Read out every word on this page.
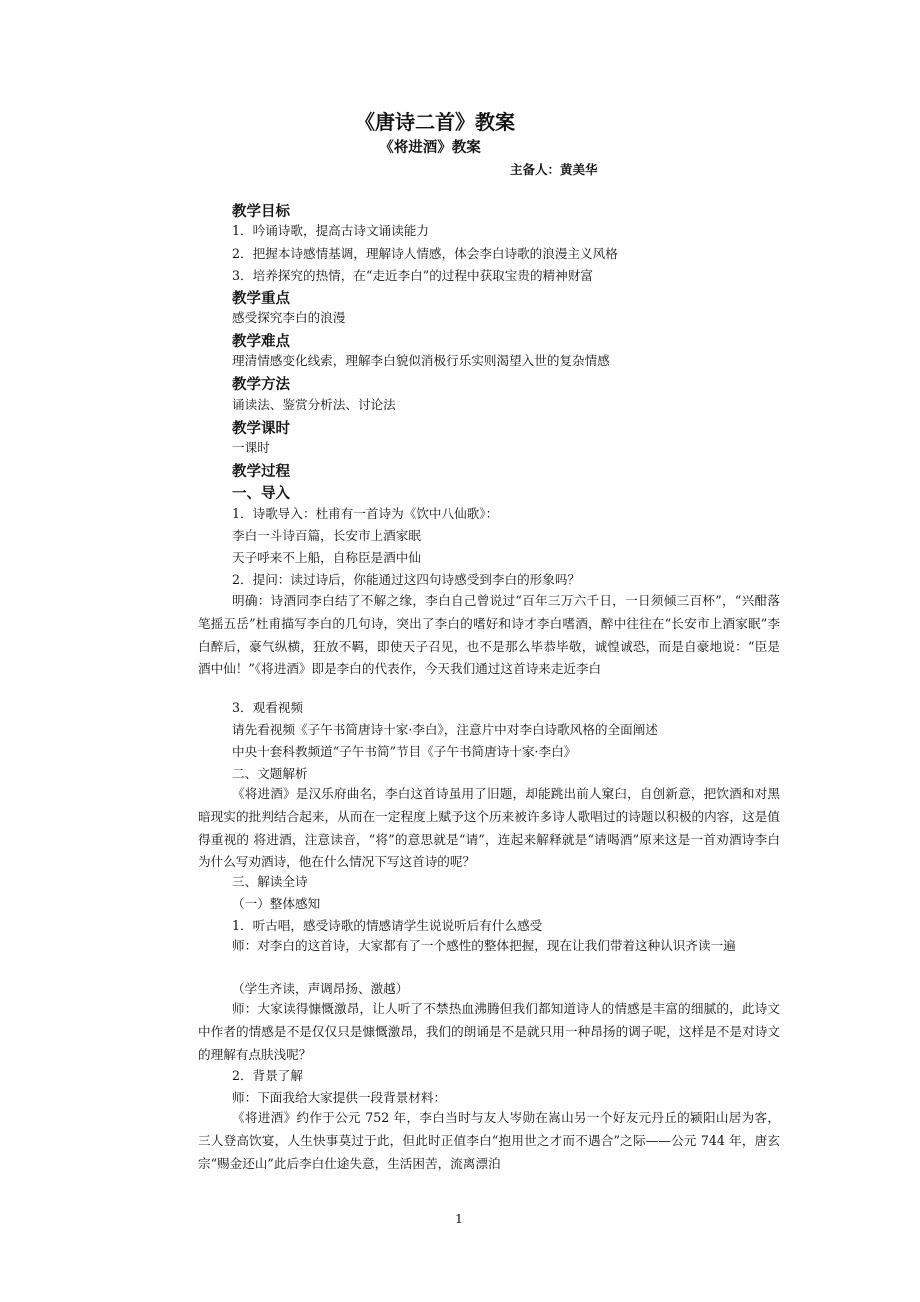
《唐诗二首》教案
《将进酒》教案
主备人：黄美华
教学目标
1．吟诵诗歌，提高古诗文诵读能力
2．把握本诗感情基调，理解诗人情感，体会李白诗歌的浪漫主义风格
3．培养探究的热情，在“走近李白”的过程中获取宝贵的精神财富
教学重点
感受探究李白的浪漫
教学难点
理清情感变化线索，理解李白貌似消极行乐实则渴望入世的复杂情感
教学方法
诵读法、鉴赏分析法、讨论法
教学课时
一课时
教学过程
一、导入
1．诗歌导入：杜甫有一首诗为《饮中八仙歌》：
李白一斗诗百篇，长安市上酒家眠
天子呼来不上船，自称臣是酒中仙
2．提问：读过诗后，你能通过这四句诗感受到李白的形象吗？
明确：诗酒同李白结了不解之缘，李白自己曾说过“百年三万六千日，一日须倾三百杯”，“兴酣落笔摇五岳”杜甫描写李白的几句诗，突出了李白的嗜好和诗才李白嗜酒，醉中往往在“长安市上酒家眠”李白醉后，豪气纵横，狂放不羁，即使天子召见，也不是那么毕恭毕敬，诚惶诚恐，而是自豪地说：“臣是酒中仙！”《将进酒》即是李白的代表作，今天我们通过这首诗来走近李白
3．观看视频
请先看视频《子午书简唐诗十家·李白》，注意片中对李白诗歌风格的全面阐述
中央十套科教频道“子午书简”节目《子午书简唐诗十家·李白》
二、文题解析
《将进酒》是汉乐府曲名，李白这首诗虽用了旧题，却能跳出前人窠臼，自创新意，把饮酒和对黑暗现实的批判结合起来，从而在一定程度上赋予这个历来被许多诗人歌唱过的诗题以积极的内容，这是值得重视的 将进酒，注意读音，“将”的意思就是“请”，连起来解释就是“请喝酒”原来这是一首劝酒诗李白为什么写劝酒诗，他在什么情况下写这首诗的呢？
三、解读全诗
（一）整体感知
1．听古唱，感受诗歌的情感请学生说说听后有什么感受
师：对李白的这首诗，大家都有了一个感性的整体把握，现在让我们带着这种认识齐读一遍
（学生齐读，声调昂扬、激越）
师：大家读得慷慨激昂，让人听了不禁热血沸腾但我们都知道诗人的情感是丰富的细腻的，此诗文中作者的情感是不是仅仅只是慷慨激昂，我们的朗诵是不是就只用一种昂扬的调子呢，这样是不是对诗文的理解有点肤浅呢？
2．背景了解
师：下面我给大家提供一段背景材料：
《将进酒》约作于公元 752 年，李白当时与友人岑勋在嵩山另一个好友元丹丘的颍阳山居为客，三人登高饮宴，人生快事莫过于此，但此时正值李白“抱用世之才而不遇合”之际——公元 744 年，唐玄宗“赐金还山”此后李白仕途失意，生活困苦，流离漂泊
1
